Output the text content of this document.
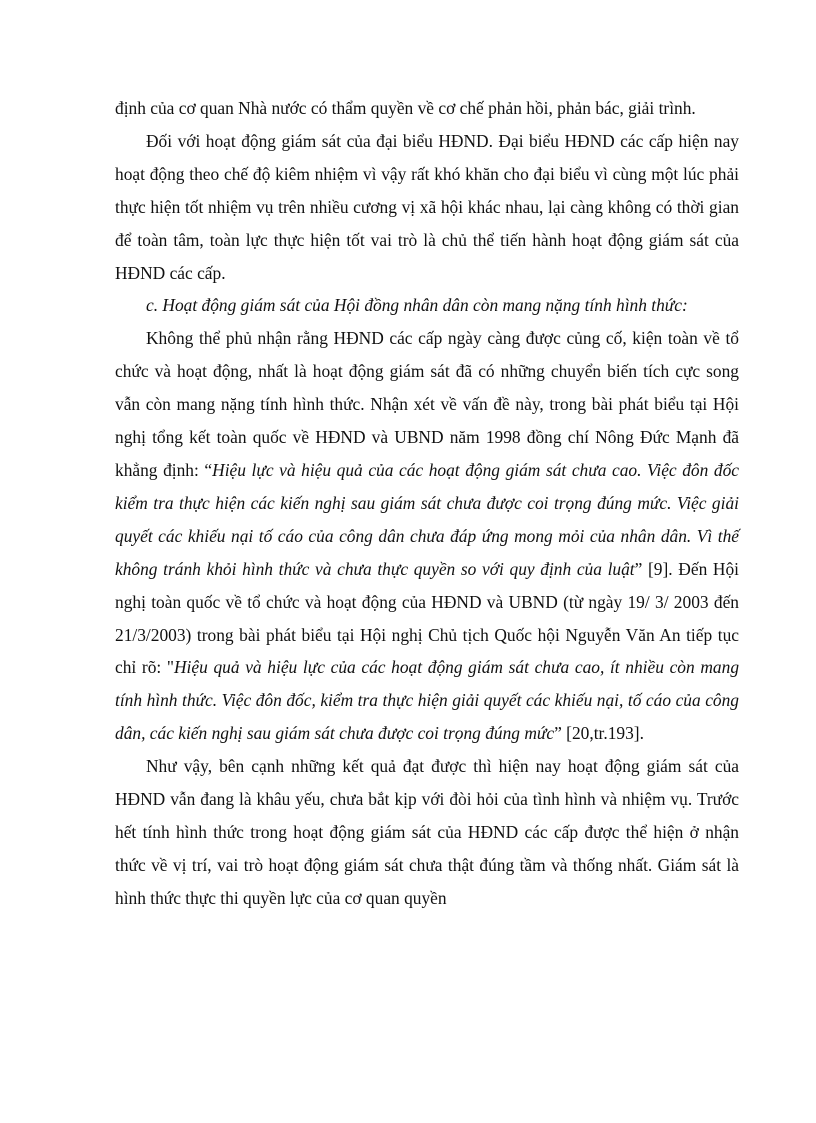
định của cơ quan Nhà nước có thẩm quyền về cơ chế phản hồi, phản bác, giải trình.

Đối với hoạt động giám sát của đại biểu HĐND. Đại biểu HĐND các cấp hiện nay hoạt động theo chế độ kiêm nhiệm vì vậy rất khó khăn cho đại biểu vì cùng một lúc phải thực hiện tốt nhiệm vụ trên nhiều cương vị xã hội khác nhau, lại càng không có thời gian để toàn tâm, toàn lực thực hiện tốt vai trò là chủ thể tiến hành hoạt động giám sát của HĐND các cấp.

c. Hoạt động giám sát của Hội đồng nhân dân còn mang nặng tính hình thức:

Không thể phủ nhận rằng HĐND các cấp ngày càng được củng cố, kiện toàn về tổ chức và hoạt động, nhất là hoạt động giám sát đã có những chuyển biến tích cực song vẫn còn mang nặng tính hình thức. Nhận xét về vấn đề này, trong bài phát biểu tại Hội nghị tổng kết toàn quốc về HĐND và UBND năm 1998 đồng chí Nông Đức Mạnh đã khẳng định: “Hiệu lực và hiệu quả của các hoạt động giám sát chưa cao. Việc đôn đốc kiểm tra thực hiện các kiến nghị sau giám sát chưa được coi trọng đúng mức. Việc giải quyết các khiếu nại tố cáo của công dân chưa đáp ứng mong mỏi của nhân dân. Vì thế không tránh khỏi hình thức và chưa thực quyền so với quy định của luật” [9]. Đến Hội nghị toàn quốc về tổ chức và hoạt động của HĐND và UBND (từ ngày 19/ 3/ 2003 đến 21/3/2003) trong bài phát biểu tại Hội nghị Chủ tịch Quốc hội Nguyễn Văn An tiếp tục chỉ rõ: "Hiệu quả và hiệu lực của các hoạt động giám sát chưa cao, ít nhiều còn mang tính hình thức. Việc đôn đốc, kiểm tra thực hiện giải quyết các khiếu nại, tố cáo của công dân, các kiến nghị sau giám sát chưa được coi trọng đúng mức” [20,tr.193].

Như vậy, bên cạnh những kết quả đạt được thì hiện nay hoạt động giám sát của HĐND vẫn đang là khâu yếu, chưa bắt kịp với đòi hỏi của tình hình và nhiệm vụ. Trước hết tính hình thức trong hoạt động giám sát của HĐND các cấp được thể hiện ở nhận thức về vị trí, vai trò hoạt động giám sát chưa thật đúng tầm và thống nhất. Giám sát là hình thức thực thi quyền lực của cơ quan quyền
